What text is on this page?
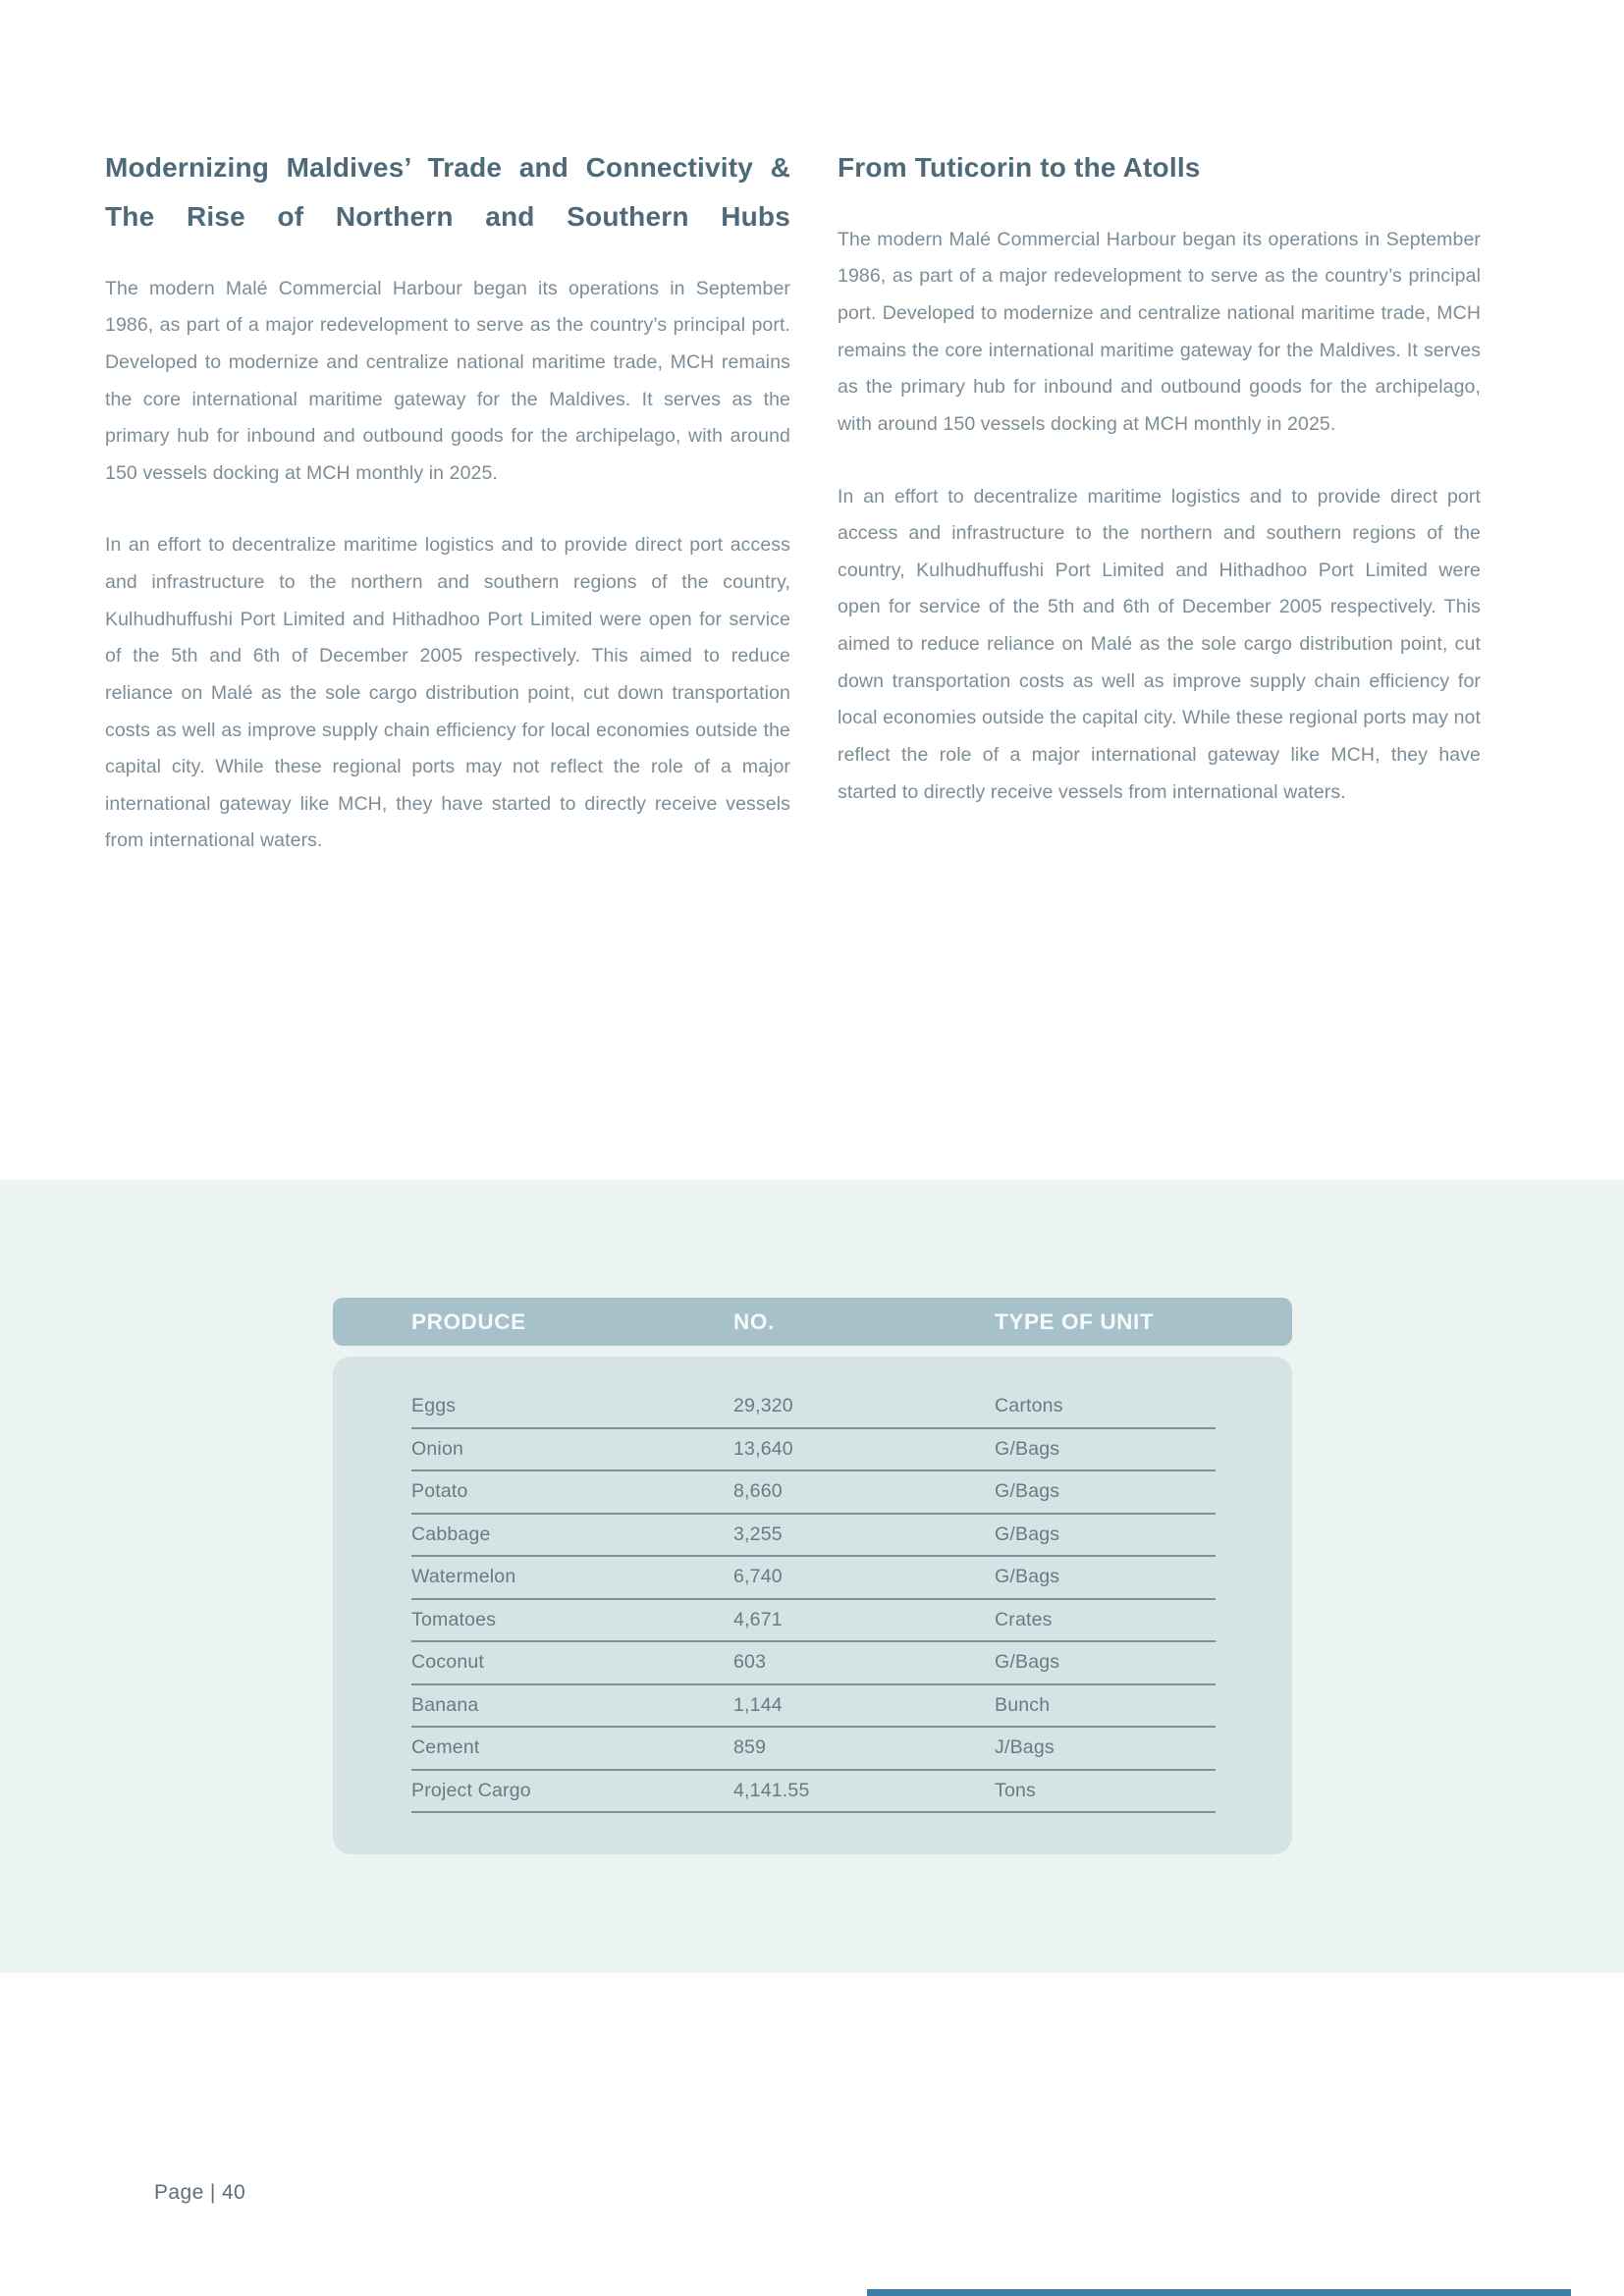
Modernizing Maldives’ Trade and Connectivity & The Rise of Northern and Southern Hubs

The modern Malé Commercial Harbour began its operations in September 1986, as part of a major redevelopment to serve as the country’s principal port. Developed to modernize and centralize national maritime trade, MCH remains the core international maritime gateway for the Maldives. It serves as the primary hub for inbound and outbound goods for the archipelago, with around 150 vessels docking at MCH monthly in 2025.

In an effort to decentralize maritime logistics and to provide direct port access and infrastructure to the northern and southern regions of the country, Kulhudhuffushi Port Limited and Hithadhoo Port Limited were open for service of the 5th and 6th of December 2005 respectively. This aimed to reduce reliance on Malé as the sole cargo distribution point, cut down transportation costs as well as improve supply chain efficiency for local economies outside the capital city. While these regional ports may not reflect the role of a major international gateway like MCH, they have started to directly receive vessels from international waters.

From Tuticorin to the Atolls

The modern Malé Commercial Harbour began its operations in September 1986, as part of a major redevelopment to serve as the country’s principal port. Developed to modernize and centralize national maritime trade, MCH remains the core international maritime gateway for the Maldives. It serves as the primary hub for inbound and outbound goods for the archipelago, with around 150 vessels docking at MCH monthly in 2025.

In an effort to decentralize maritime logistics and to provide direct port access and infrastructure to the northern and southern regions of the country, Kulhudhuffushi Port Limited and Hithadhoo Port Limited were open for service of the 5th and 6th of December 2005 respectively. This aimed to reduce reliance on Malé as the sole cargo distribution point, cut down transportation costs as well as improve supply chain efficiency for local economies outside the capital city. While these regional ports may not reflect the role of a major international gateway like MCH, they have started to directly receive vessels from international waters.

PRODUCE	NO.	TYPE OF UNIT
Eggs	29,320	Cartons
Onion	13,640	G/Bags
Potato	8,660	G/Bags
Cabbage	3,255	G/Bags
Watermelon	6,740	G/Bags
Tomatoes	4,671	Crates
Coconut	603	G/Bags
Banana	1,144	Bunch
Cement	859	J/Bags
Project Cargo	4,141.55	Tons
Page | 40
